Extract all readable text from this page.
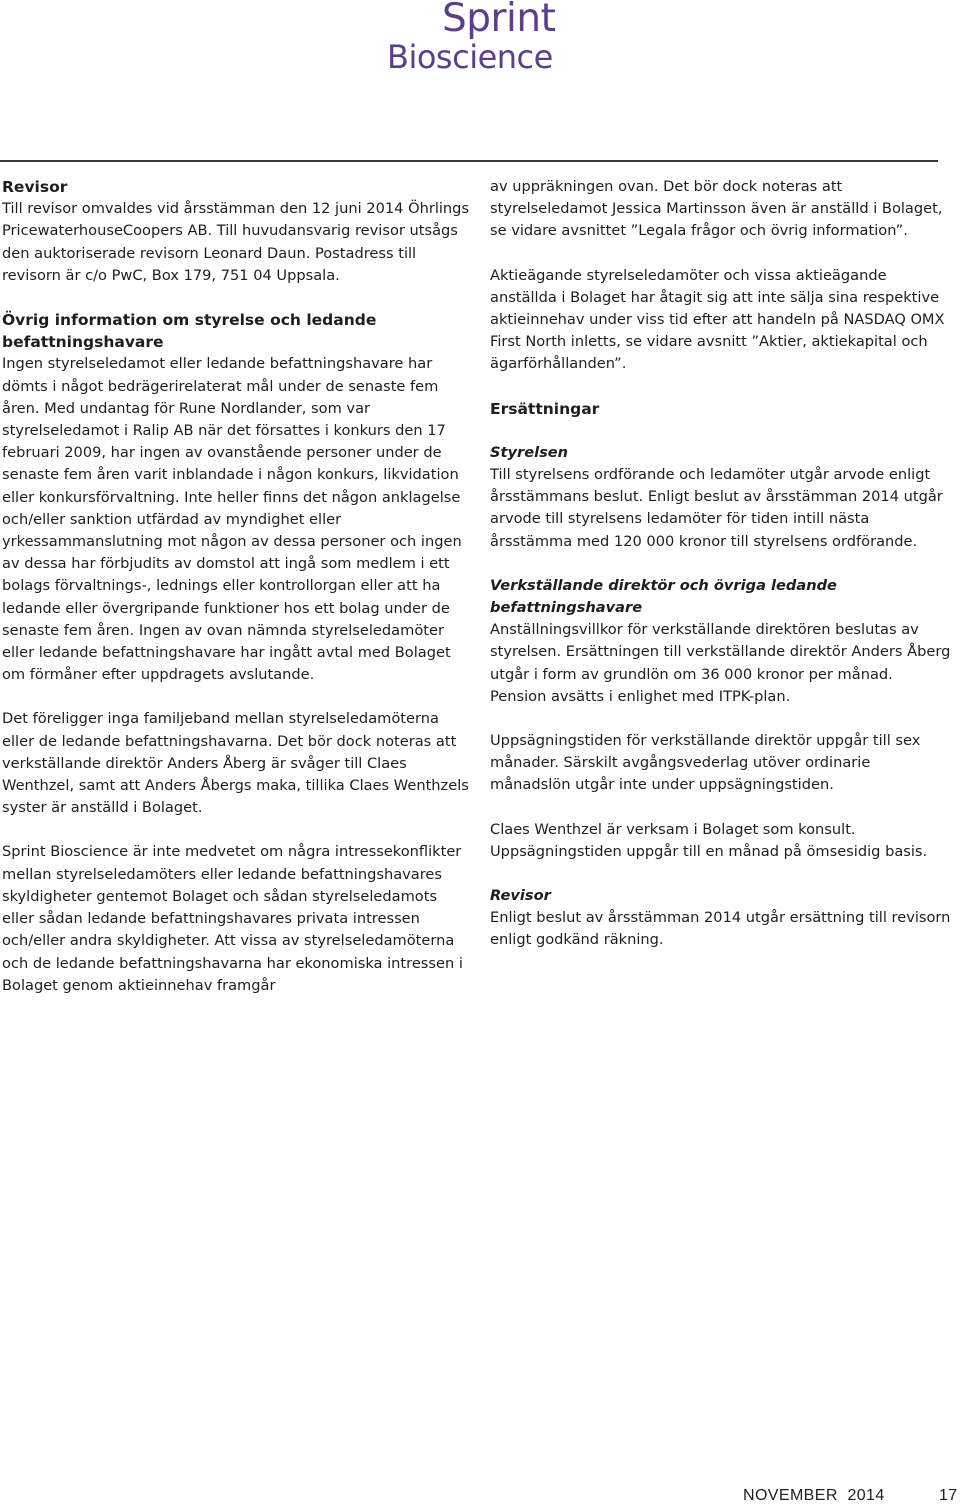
Sprint
Bioscience
Revisor

Till revisor omvaldes vid årsstämman den 12 juni 2014 Öhrlings PricewaterhouseCoopers AB. Till huvudansvarig revisor utsågs den auktoriserade revisorn Leonard Daun. Postadress till revisorn är c/o PwC, Box 179, 751 04 Uppsala.

Övrig information om styrelse och ledande befattningshavare

Ingen styrelseledamot eller ledande befattningshavare har dömts i något bedrägerirelaterat mål under de senaste fem åren. Med undantag för Rune Nordlander, som var styrelseledamot i Ralip AB när det försattes i konkurs den 17 februari 2009, har ingen av ovanstående personer under de senaste fem åren varit inblandade i någon konkurs, likvidation eller konkursförvaltning. Inte heller finns det någon anklagelse och/eller sanktion utfärdad av myndighet eller yrkessammanslutning mot någon av dessa personer och ingen av dessa har förbjudits av domstol att ingå som medlem i ett bolags förvaltnings-, lednings eller kontrollorgan eller att ha ledande eller övergripande funktioner hos ett bolag under de senaste fem åren. Ingen av ovan nämnda styrelseledamöter eller ledande befattningshavare har ingått avtal med Bolaget om förmåner efter uppdragets avslutande.

Det föreligger inga familjeband mellan styrelseledamöterna eller de ledande befattningshavarna. Det bör dock noteras att verkställande direktör Anders Åberg är svåger till Claes Wenthzel, samt att Anders Åbergs maka, tillika Claes Wenthzels syster är anställd i Bolaget.

Sprint Bioscience är inte medvetet om några intressekonflikter mellan styrelseledamöters eller ledande befattningshavares skyldigheter gentemot Bolaget och sådan styrelseledamots eller sådan ledande befattningshavares privata intressen och/eller andra skyldigheter. Att vissa av styrelseledamöterna och de ledande befattningshavarna har ekonomiska intressen i Bolaget genom aktieinnehav framgår

av uppräkningen ovan. Det bör dock noteras att styrelseledamot Jessica Martinsson även är anställd i Bolaget, se vidare avsnittet ”Legala frågor och övrig information”.

Aktieägande styrelseledamöter och vissa aktieägande anställda i Bolaget har åtagit sig att inte sälja sina respektive aktieinnehav under viss tid efter att handeln på NASDAQ OMX First North inletts, se vidare avsnitt ”Aktier, aktiekapital och ägarförhållanden”.

Ersättningar
Styrelsen

Till styrelsens ordförande och ledamöter utgår arvode enligt årsstämmans beslut. Enligt beslut av årsstämman 2014 utgår arvode till styrelsens ledamöter för tiden intill nästa årsstämma med 120 000 kronor till styrelsens ordförande.

Verkställande direktör och övriga ledande befattningshavare

Anställningsvillkor för verkställande direktören beslutas av styrelsen. Ersättningen till verkställande direktör Anders Åberg utgår i form av grundlön om 36 000 kronor per månad. Pension avsätts i enlighet med ITPK-plan.

Uppsägningstiden för verkställande direktör uppgår till sex månader. Särskilt avgångsvederlag utöver ordinarie månadslön utgår inte under uppsägningstiden.

Claes Wenthzel är verksam i Bolaget som konsult. Uppsägningstiden uppgår till en månad på ömsesidig basis.

Revisor

Enligt beslut av årsstämman 2014 utgår ersättning till revisorn enligt godkänd räkning.

NOVEMBER  2014	17
